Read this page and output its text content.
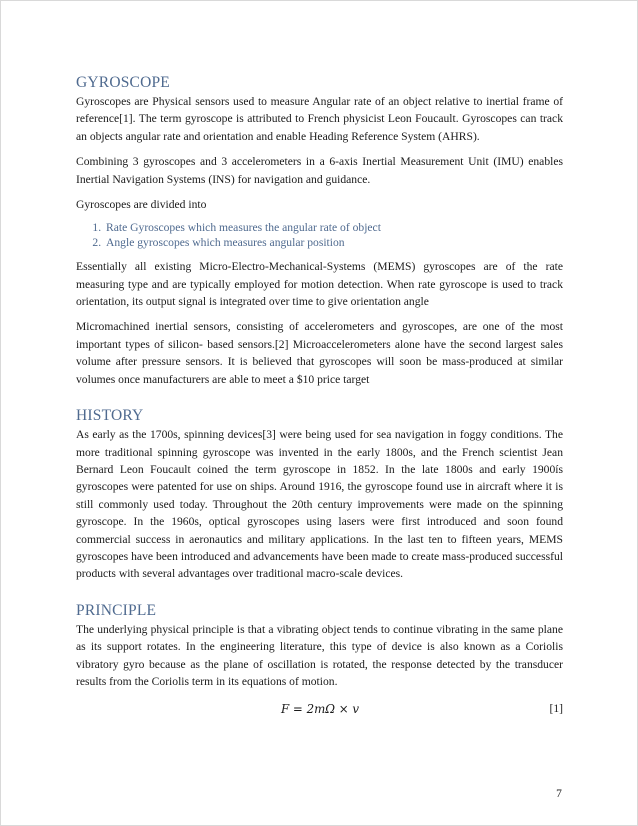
GYROSCOPE

Gyroscopes are Physical sensors used to measure Angular rate of an object relative to inertial frame of reference[1]. The term gyroscope is attributed to French physicist Leon Foucault. Gyroscopes can track an objects angular rate and orientation and enable Heading Reference System (AHRS).

Combining 3 gyroscopes and 3 accelerometers in a 6-axis Inertial Measurement Unit (IMU) enables Inertial Navigation Systems (INS) for navigation and guidance.

Gyroscopes are divided into

1. Rate Gyroscopes which measures the angular rate of object
2. Angle gyroscopes which measures angular position

Essentially all existing Micro-Electro-Mechanical-Systems (MEMS) gyroscopes are of the rate measuring type and are typically employed for motion detection. When rate gyroscope is used to track orientation, its output signal is integrated over time to give orientation angle

Micromachined inertial sensors, consisting of accelerometers and gyroscopes, are one of the most important types of silicon- based sensors.[2] Microaccelerometers alone have the second largest sales volume after pressure sensors. It is believed that gyroscopes will soon be mass-produced at similar volumes once manufacturers are able to meet a $10 price target

HISTORY

As early as the 1700s, spinning devices[3] were being used for sea navigation in foggy conditions. The more traditional spinning gyroscope was invented in the early 1800s, and the French scientist Jean Bernard Leon Foucault coined the term gyroscope in 1852. In the late 1800s and early 1900ís gyroscopes were patented for use on ships. Around 1916, the gyroscope found use in aircraft where it is still commonly used today. Throughout the 20th century improvements were made on the spinning gyroscope. In the 1960s, optical gyroscopes using lasers were first introduced and soon found commercial success in aeronautics and military applications. In the last ten to fifteen years, MEMS gyroscopes have been introduced and advancements have been made to create mass-produced successful products with several advantages over traditional macro-scale devices.

PRINCIPLE

The underlying physical principle is that a vibrating object tends to continue vibrating in the same plane as its support rotates. In the engineering literature, this type of device is also known as a Coriolis vibratory gyro because as the plane of oscillation is rotated, the response detected by the transducer results from the Coriolis term in its equations of motion.

F = 2mΩ × v	[1]
7
